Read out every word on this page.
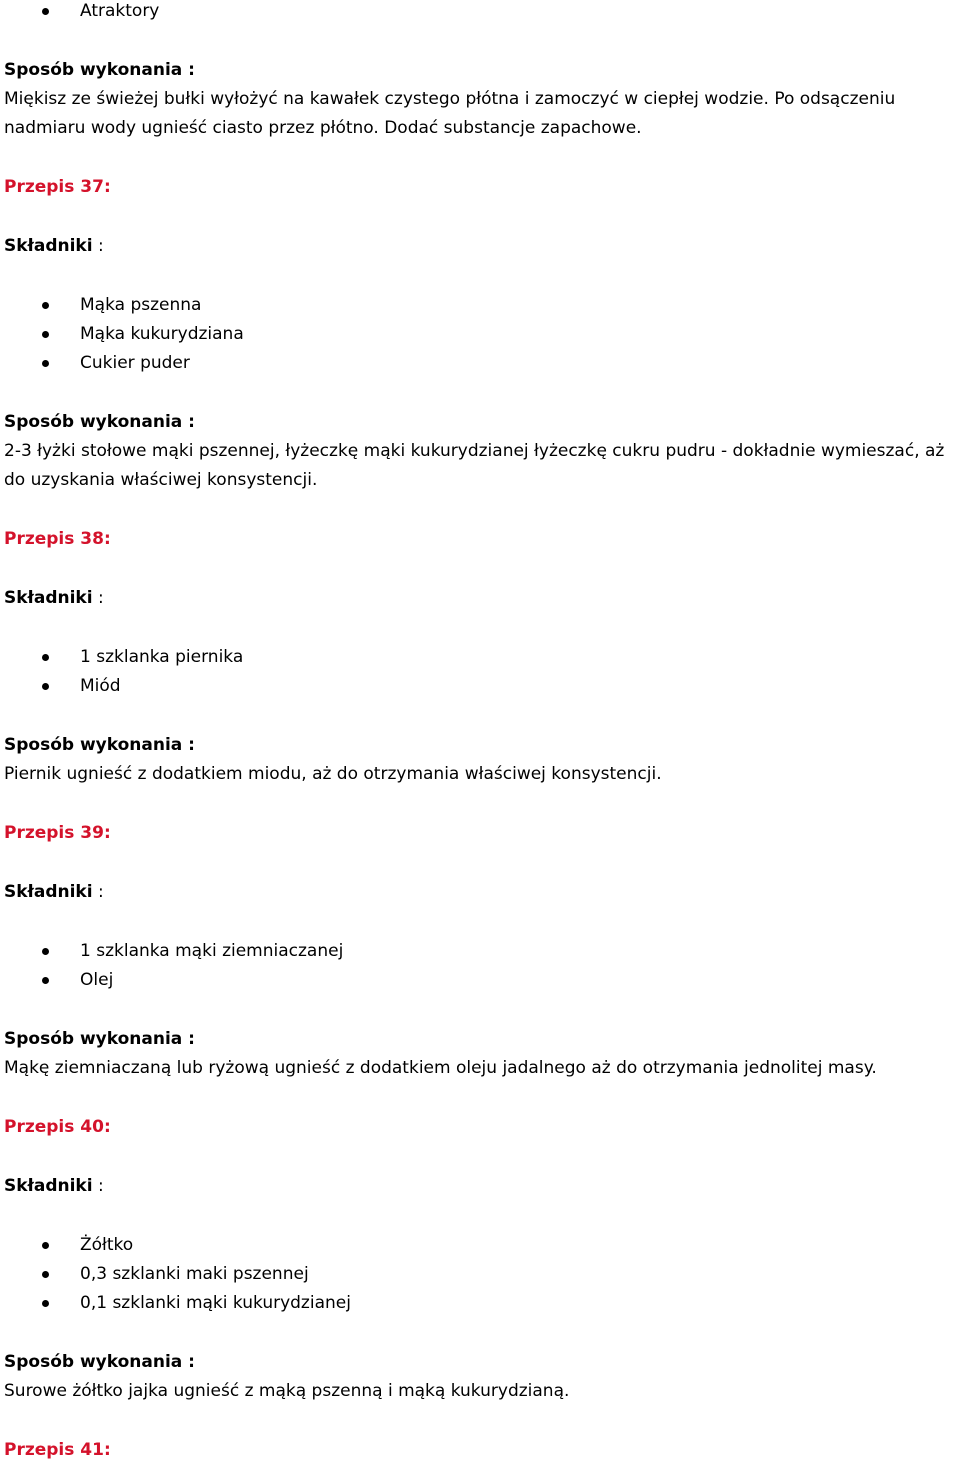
Atraktory
Sposób wykonania :
Miękisz ze świeżej bułki wyłożyć na kawałek czystego płótna i zamoczyć w ciepłej wodzie. Po odsączeniu
nadmiaru wody ugnieść ciasto przez płótno. Dodać substancje zapachowe.
Przepis 37:
Składniki :
Mąka pszenna
Mąka kukurydziana
Cukier puder
Sposób wykonania :
2-3 łyżki stołowe mąki pszennej, łyżeczkę mąki kukurydzianej łyżeczkę cukru pudru - dokładnie wymieszać, aż
do uzyskania właściwej konsystencji.
Przepis 38:
Składniki :
1 szklanka piernika
Miód
Sposób wykonania :
Piernik ugnieść z dodatkiem miodu, aż do otrzymania właściwej konsystencji.
Przepis 39:
Składniki :
1 szklanka mąki ziemniaczanej
Olej
Sposób wykonania :
Mąkę ziemniaczaną lub ryżową ugnieść z dodatkiem oleju jadalnego aż do otrzymania jednolitej masy.
Przepis 40:
Składniki :
Żółtko
0,3 szklanki maki pszennej
0,1 szklanki mąki kukurydzianej
Sposób wykonania :
Surowe żółtko jajka ugnieść z mąką pszenną i mąką kukurydzianą.
Przepis 41:
